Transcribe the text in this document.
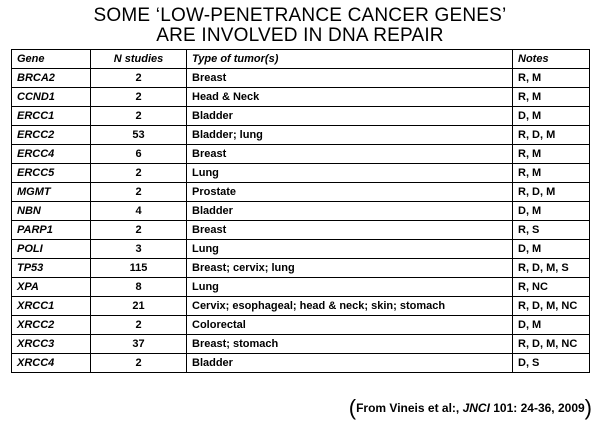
SOME ‘LOW-PENETRANCE CANCER GENES’
ARE INVOLVED IN DNA REPAIR
Gene	N studies	Type of tumor(s)	Notes
BRCA2	2	Breast	R, M
CCND1	2	Head & Neck	R, M
ERCC1	2	Bladder	D, M
ERCC2	53	Bladder; lung	R, D, M
ERCC4	6	Breast	R, M
ERCC5	2	Lung	R, M
MGMT	2	Prostate	R, D, M
NBN	4	Bladder	D, M
PARP1	2	Breast	R, S
POLI	3	Lung	D, M
TP53	115	Breast; cervix; lung	R, D, M, S
XPA	8	Lung	R, NC
XRCC1	21	Cervix; esophageal; head & neck; skin; stomach	R, D, M, NC
XRCC2	2	Colorectal	D, M
XRCC3	37	Breast; stomach	R, D, M, NC
XRCC4	2	Bladder	D, S
(From Vineis et al:, JNCI 101: 24-36, 2009)
